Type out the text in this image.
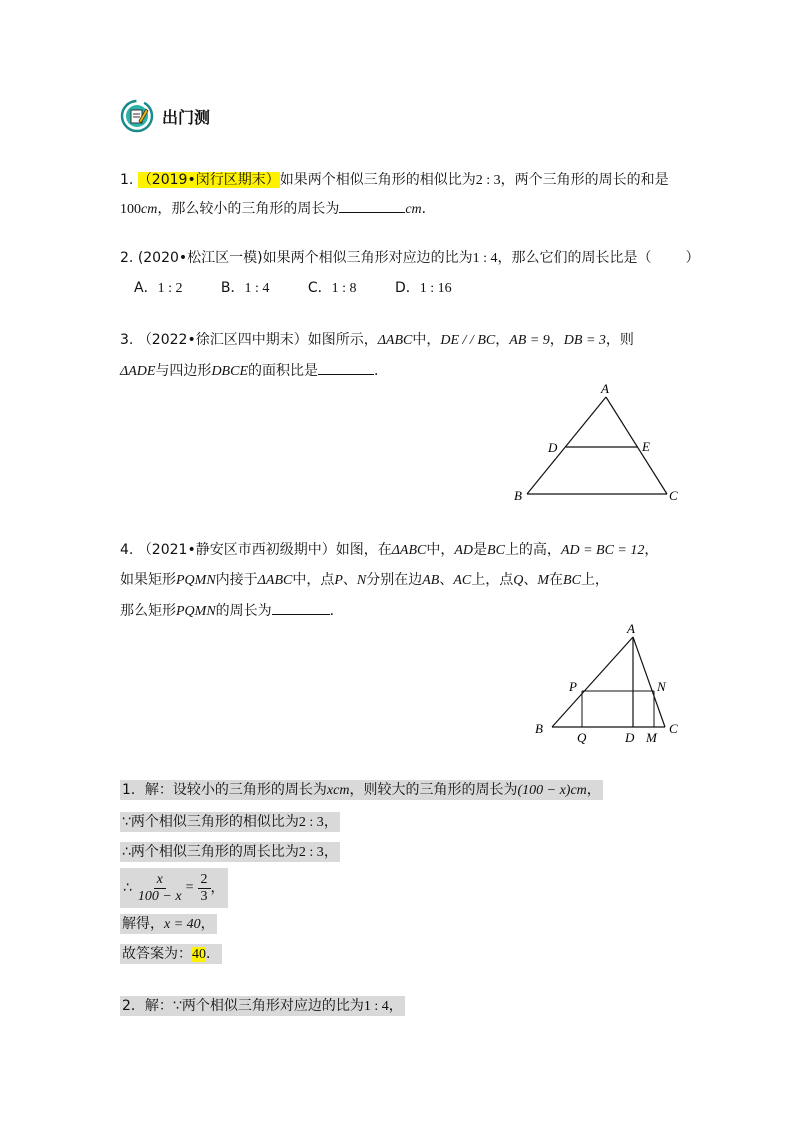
出门测
1. （2019•闵行区期末）如果两个相似三角形的相似比为2 : 3，两个三角形的周长的和是
100cm，那么较小的三角形的周长为	cm．
2. (2020•松江区一模)如果两个相似三角形对应边的比为1 : 4，那么它们的周长比是（ ）
A．1 : 2	B．1 : 4	C．1 : 8	D．1 : 16
3. （2022•徐汇区四中期末）如图所示，ΔABC中，DE / / BC，AB = 9，DB = 3，则
ΔADE与四边形DBCE的面积比是	．
A
D	E
B	C
4. （2021•静安区市西初级期中）如图，在ΔABC中，AD是BC上的高，AD = BC = 12，
如果矩形PQMN内接于ΔABC中，点P、N分别在边AB、AC上，点Q、M在BC上，
那么矩形PQMN的周长为	．
A
P	N
B
Q	D M
C
1．解：设较小的三角形的周长为xcm，则较大的三角形的周长为(100 − x)cm，
∵两个相似三角形的相似比为2 : 3，
∴两个相似三角形的周长比为2 : 3，
∴ $\frac{x}{100 - x} = \frac{2}{3}$ ，
解得，x = 40，
故答案为：40．
2．解：∵两个相似三角形对应边的比为1 : 4，
